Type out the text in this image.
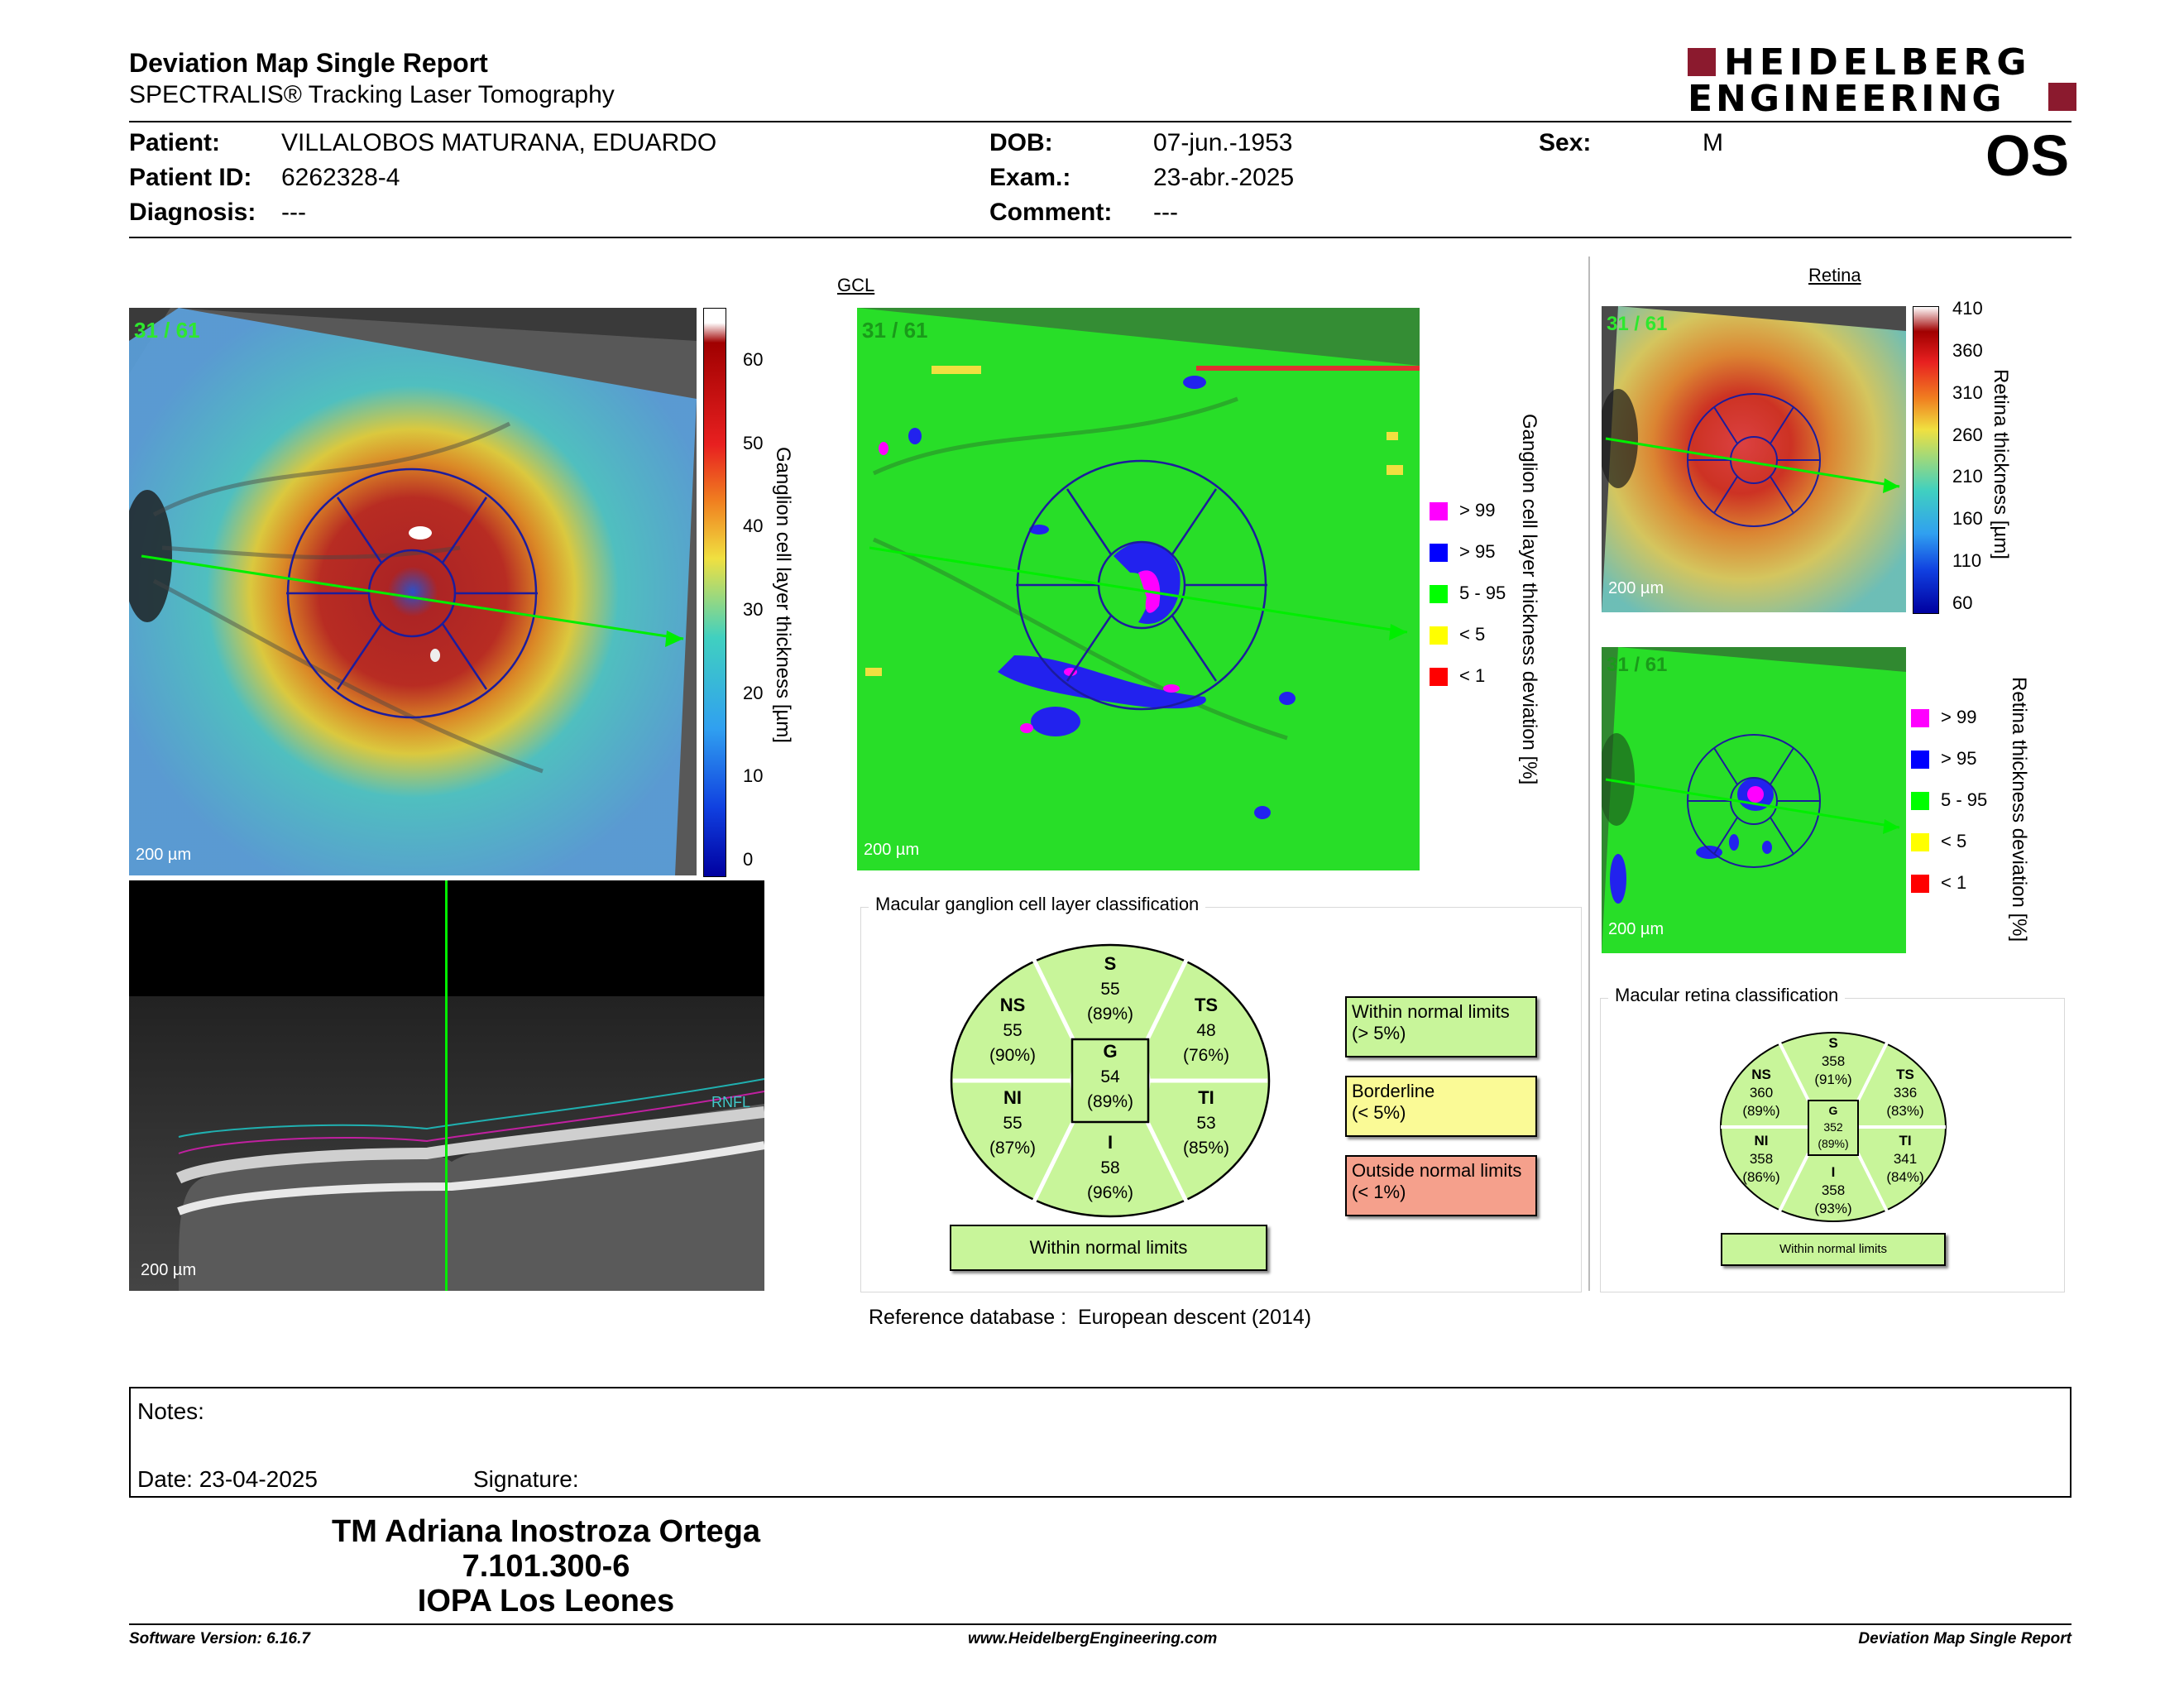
Deviation Map Single Report
SPECTRALIS® Tracking Laser Tomography
HEIDELBERG
ENGINEERING
Patient: VILLALOBOS MATURANA, EDUARDO
Patient ID: 6262328-4
Diagnosis: ---
DOB:	07-jun.-1953
Exam.:	23-abr.-2025
Comment: ---
Sex:	M	OS
31 / 61
200 µm
60
50
40
30
20
10
0
Ganglion cell layer thickness [µm]
RNFL
200 µm
GCL
31 / 61
200 µm
> 99
> 95
5 - 95
< 5
< 1 Ganglion cell layer thickness deviation [%]
Macular ganglion cell layer classification
S
55
(89%)
NS
55
(90%)
TS
48
(76%)
G
54
(89%)
NI
55
(87%)
TI
53
(85%)
I
58
(96%)
Within normal limits
Within normal limits
(> 5%)
Borderline
(< 5%)
Outside normal limits
(< 1%)
Reference database : European descent (2014)
Retina
31 / 61
200 µm
410
360
310
260
210
160
110
60
Retina thickness [µm]
31 / 61
200 µm
> 99
> 95
5 - 95
< 5
< 1 Retina thickness deviation [%]
Macular retina classification
S
358
(91%)
NS
360
(89%)
TS
336
(83%)
G
352
(89%)
NI
358
(86%)
TI
341
(84%)
I
358
(93%)
Within normal limits
Notes:
Date: 23-04-2025	Signature:
TM Adriana Inostroza Ortega
7.101.300-6
IOPA Los Leones
Software Version: 6.16.7	www.HeidelbergEngineering.com	Deviation Map Single Report
